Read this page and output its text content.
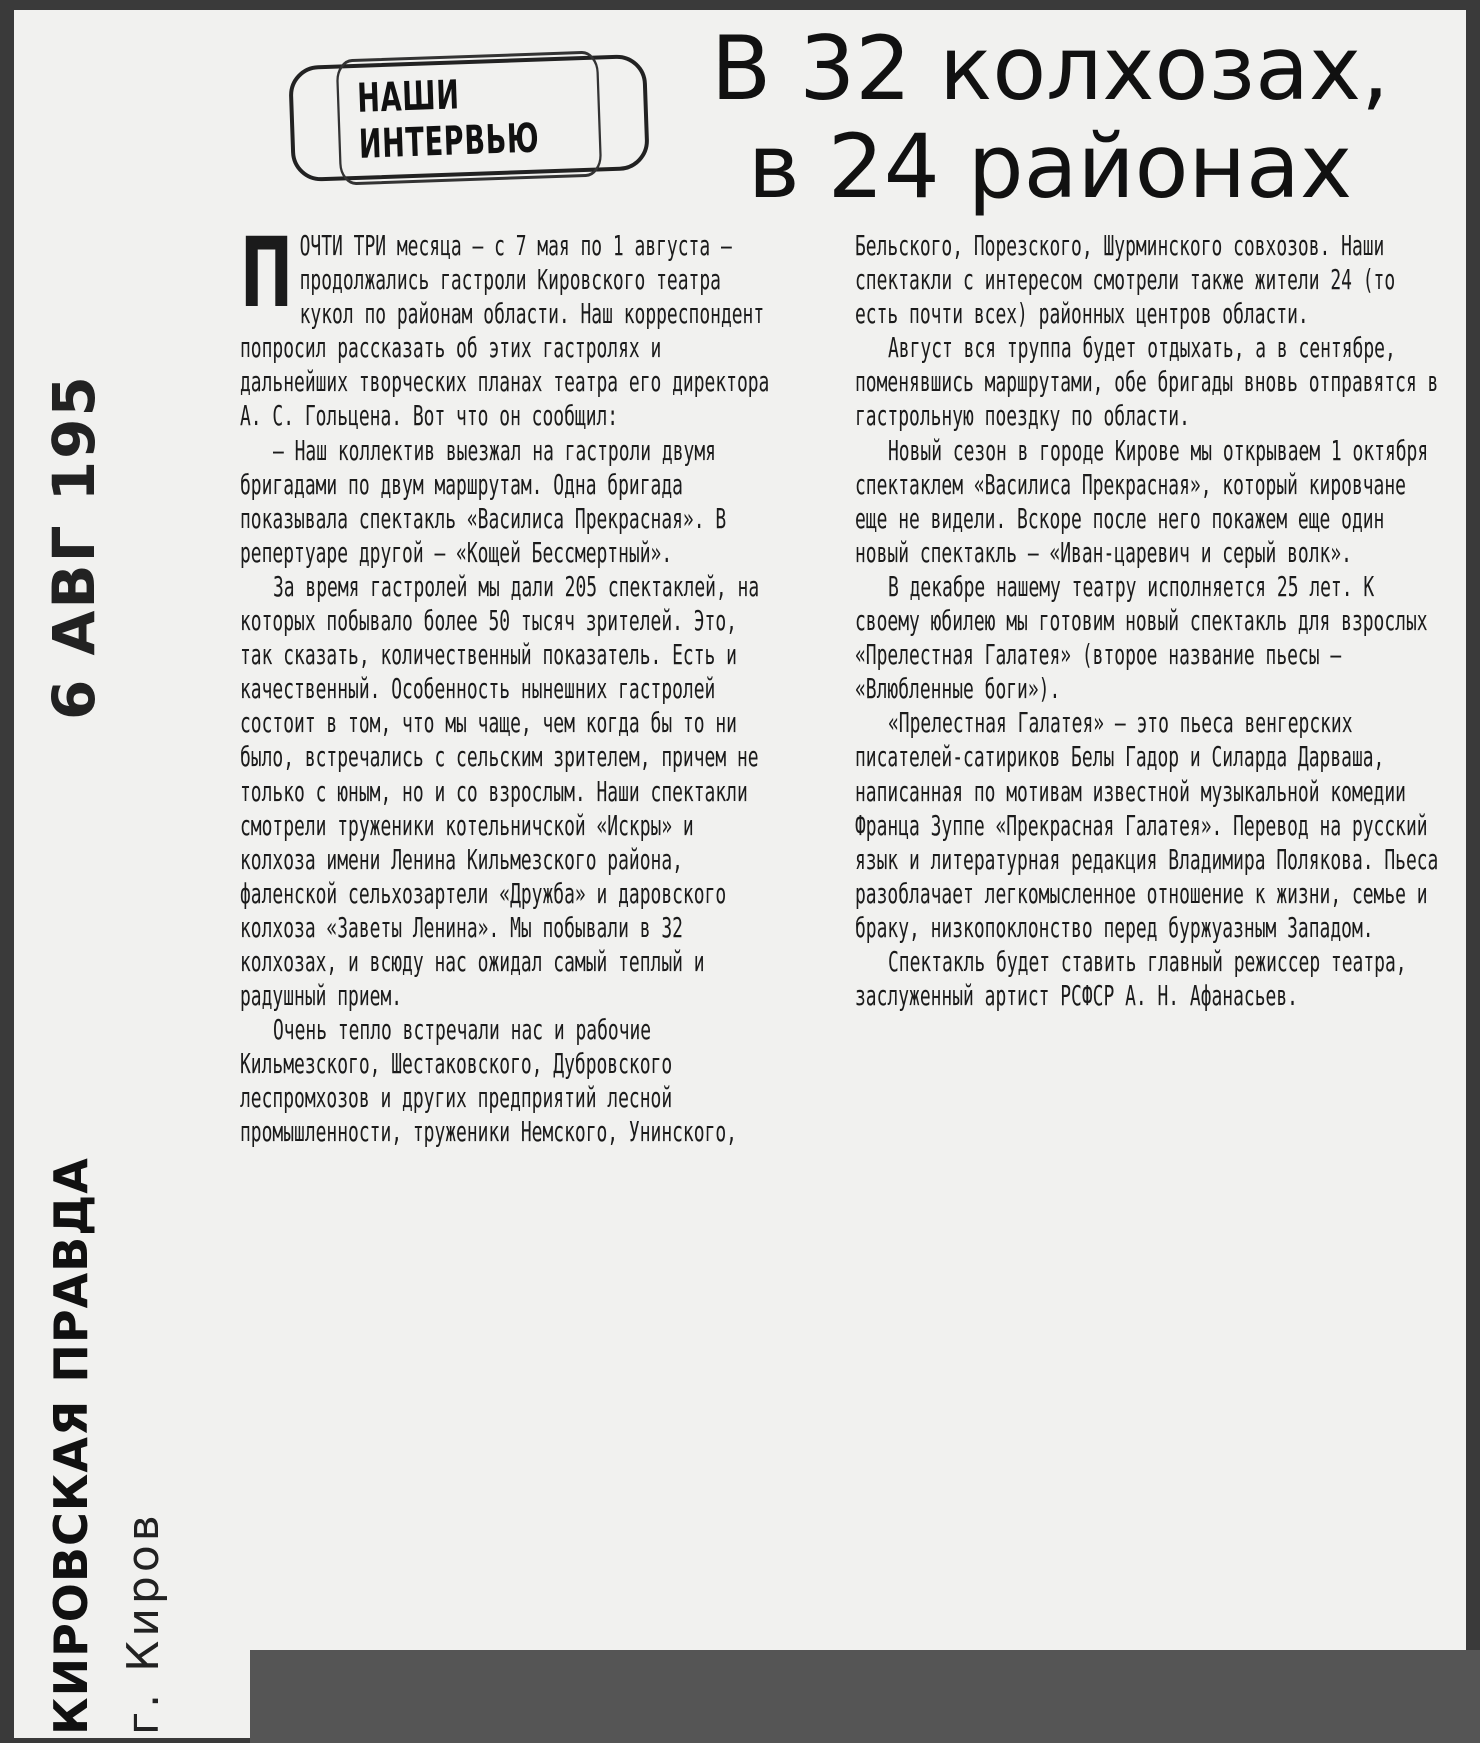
6 АВГ 195
КИРОВСКАЯ ПРАВДА г. Киров
НАШИ ИНТЕРВЬЮ
В 32 колхозах,
в 24 районах

ПОЧТИ ТРИ месяца — с 7 мая по 1 августа — продолжались гастроли Кировского театра кукол по районам области. Наш корреспондент попросил рассказать об этих гастролях и дальнейших творческих планах театра его директора А. С. Гольцена. Вот что он сообщил:

— Наш коллектив выезжал на гастроли двумя бригадами по двум маршрутам. Одна бригада показывала спектакль «Василиса Прекрасная». В репертуаре другой — «Кощей Бессмертный».

За время гастролей мы дали 205 спектаклей, на которых побывало более 50 тысяч зрителей. Это, так сказать, количественный показатель. Есть и качественный. Особенность нынешних гастролей состоит в том, что мы чаще, чем когда бы то ни было, встречались с сельским зрителем, причем не только с юным, но и со взрослым. Наши спектакли смотрели труженики котельничской «Искры» и колхоза имени Ленина Кильмезского района, фаленской сельхозартели «Дружба» и даровского колхоза «Заветы Ленина». Мы побывали в 32 колхозах, и всюду нас ожидал самый теплый и радушный прием.

Очень тепло встречали нас и рабочие Кильмезского, Шестаковского, Дубровского леспромхозов и других предприятий лесной промышленности, труженики Немского, Унинского,

Бельского, Порезского, Шурминского совхозов. Наши спектакли с интересом смотрели также жители 24 (то есть почти всех) районных центров области.

Август вся труппа будет отдыхать, а в сентябре, поменявшись маршрутами, обе бригады вновь отправятся в гастрольную поездку по области.

Новый сезон в городе Кирове мы открываем 1 октября спектаклем «Василиса Прекрасная», который кировчане еще не видели. Вскоре после него покажем еще один новый спектакль — «Иван-царевич и серый волк».

В декабре нашему театру исполняется 25 лет. К своему юбилею мы готовим новый спектакль для взрослых «Прелестная Галатея» (второе название пьесы — «Влюбленные боги»).

«Прелестная Галатея» — это пьеса венгерских писателей-сатириков Белы Гадор и Силарда Дарваша, написанная по мотивам известной музыкальной комедии Франца Зуппе «Прекрасная Галатея». Перевод на русский язык и литературная редакция Владимира Полякова. Пьеса разоблачает легкомысленное отношение к жизни, семье и браку, низкопоклонство перед буржуазным Западом.

Спектакль будет ставить главный режиссер театра, заслуженный артист РСФСР А. Н. Афанасьев.
